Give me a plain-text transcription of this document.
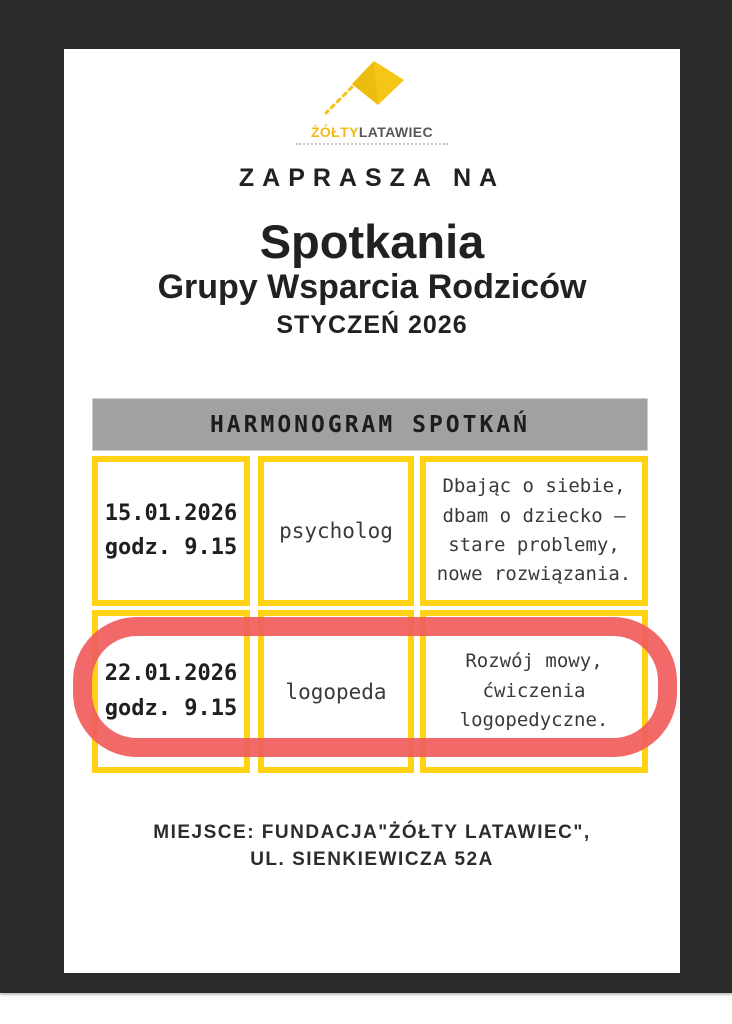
ŻÓŁTYLATAWIEC
ZAPRASZA NA
Spotkania
Grupy Wsparcia Rodziców
STYCZEŃ 2026
HARMONOGRAM SPOTKAŃ
15.01.2026
godz. 9.15
psycholog
Dbając o siebie, dbam o dziecko – stare problemy, nowe rozwiązania.
22.01.2026
godz. 9.15
logopeda
Rozwój mowy, ćwiczenia logopedyczne.
MIEJSCE: FUNDACJA"ŻÓŁTY LATAWIEC",
UL. SIENKIEWICZA 52A
